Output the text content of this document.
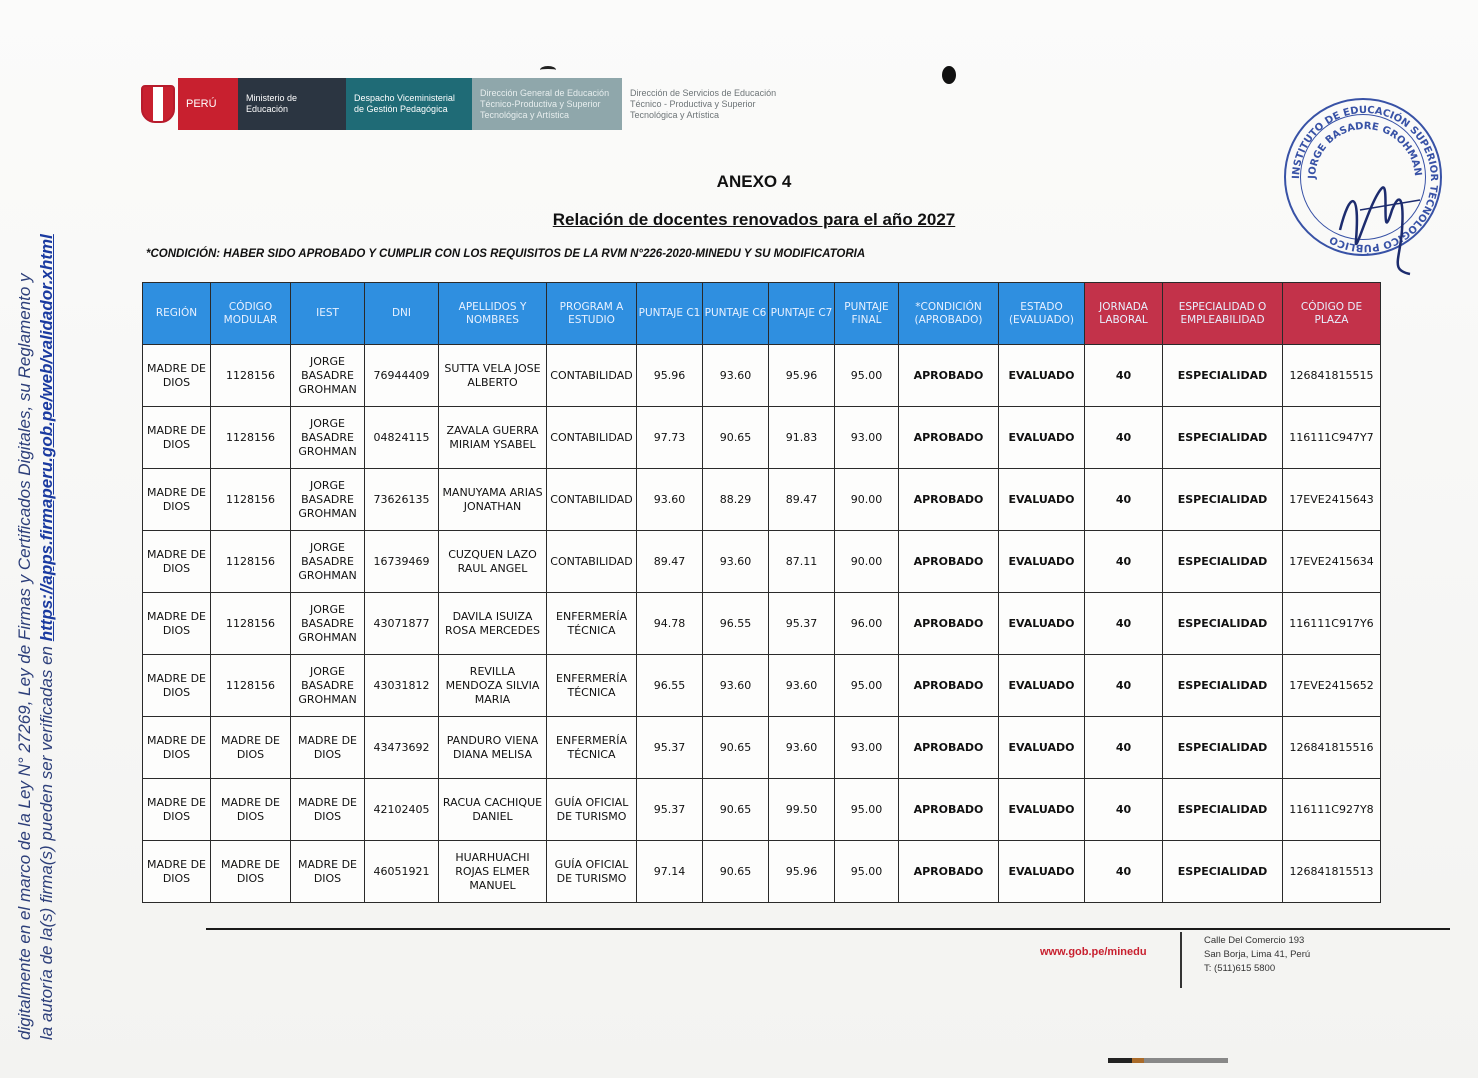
digitalmente en el marco de la Ley N° 27269, Ley de Firmas y Certificados Digitales, su Reglamento y la autoría de la(s) firma(s) pueden ser verificadas en https://apps.firmaperu.gob.pe/web/validador.xhtml
PERÚ	Ministerio de Educación
Despacho Viceministerial de Gestión Pedagógica
Dirección General de Educación Técnico-Productiva y Superior Tecnológica y Artística
Dirección de Servicios de Educación Técnico - Productiva y Superior Tecnológica y Artística
INSTITUTO DE EDUCACIÓN SUPERIOR TECNOLÓGICO PÚBLICO
JORGE BASADRE GROHMAN
ANEXO 4
Relación de docentes renovados para el año 2027
*CONDICIÓN: HABER SIDO APROBADO Y CUMPLIR CON LOS REQUISITOS DE LA RVM N°226-2020-MINEDU Y SU MODIFICATORIA
REGIÓN	CÓDIGO MODULAR	IEST	DNI	APELLIDOS Y NOMBRES	PROGRAM A ESTUDIO	PUNTAJE C1	PUNTAJE C6	PUNTAJE C7	PUNTAJE FINAL	*CONDICIÓN (APROBADO)	ESTADO (EVALUADO)	JORNADA LABORAL	ESPECIALIDAD O EMPLEABILIDAD	CÓDIGO DE PLAZA
MADRE DE DIOS	1128156	JORGE BASADRE GROHMAN	76944409	SUTTA VELA JOSE ALBERTO	CONTABILIDAD	95.96	93.60	95.96	95.00	APROBADO	EVALUADO	40	ESPECIALIDAD	126841815515
MADRE DE DIOS	1128156	JORGE BASADRE GROHMAN	04824115	ZAVALA GUERRA MIRIAM YSABEL	CONTABILIDAD	97.73	90.65	91.83	93.00	APROBADO	EVALUADO	40	ESPECIALIDAD	116111C947Y7
MADRE DE DIOS	1128156	JORGE BASADRE GROHMAN	73626135	MANUYAMA ARIAS JONATHAN	CONTABILIDAD	93.60	88.29	89.47	90.00	APROBADO	EVALUADO	40	ESPECIALIDAD	17EVE2415643
MADRE DE DIOS	1128156	JORGE BASADRE GROHMAN	16739469	CUZQUEN LAZO RAUL ANGEL	CONTABILIDAD	89.47	93.60	87.11	90.00	APROBADO	EVALUADO	40	ESPECIALIDAD	17EVE2415634
MADRE DE DIOS	1128156	JORGE BASADRE GROHMAN	43071877	DAVILA ISUIZA ROSA MERCEDES	ENFERMERÍA TÉCNICA	94.78	96.55	95.37	96.00	APROBADO	EVALUADO	40	ESPECIALIDAD	116111C917Y6
MADRE DE DIOS	1128156	JORGE BASADRE GROHMAN	43031812	REVILLA MENDOZA SILVIA MARIA	ENFERMERÍA TÉCNICA	96.55	93.60	93.60	95.00	APROBADO	EVALUADO	40	ESPECIALIDAD	17EVE2415652
MADRE DE DIOS	MADRE DE DIOS	MADRE DE DIOS	43473692	PANDURO VIENA DIANA MELISA	ENFERMERÍA TÉCNICA	95.37	90.65	93.60	93.00	APROBADO	EVALUADO	40	ESPECIALIDAD	126841815516
MADRE DE DIOS	MADRE DE DIOS	MADRE DE DIOS	42102405	RACUA CACHIQUE DANIEL	GUÍA OFICIAL DE TURISMO	95.37	90.65	99.50	95.00	APROBADO	EVALUADO	40	ESPECIALIDAD	116111C927Y8
MADRE DE DIOS	MADRE DE DIOS	MADRE DE DIOS	46051921	HUARHUACHI ROJAS ELMER MANUEL	GUÍA OFICIAL DE TURISMO	97.14	90.65	95.96	95.00	APROBADO	EVALUADO	40	ESPECIALIDAD	126841815513
www.gob.pe/minedu
Calle Del Comercio 193
San Borja, Lima 41, Perú
T: (511)615 5800
